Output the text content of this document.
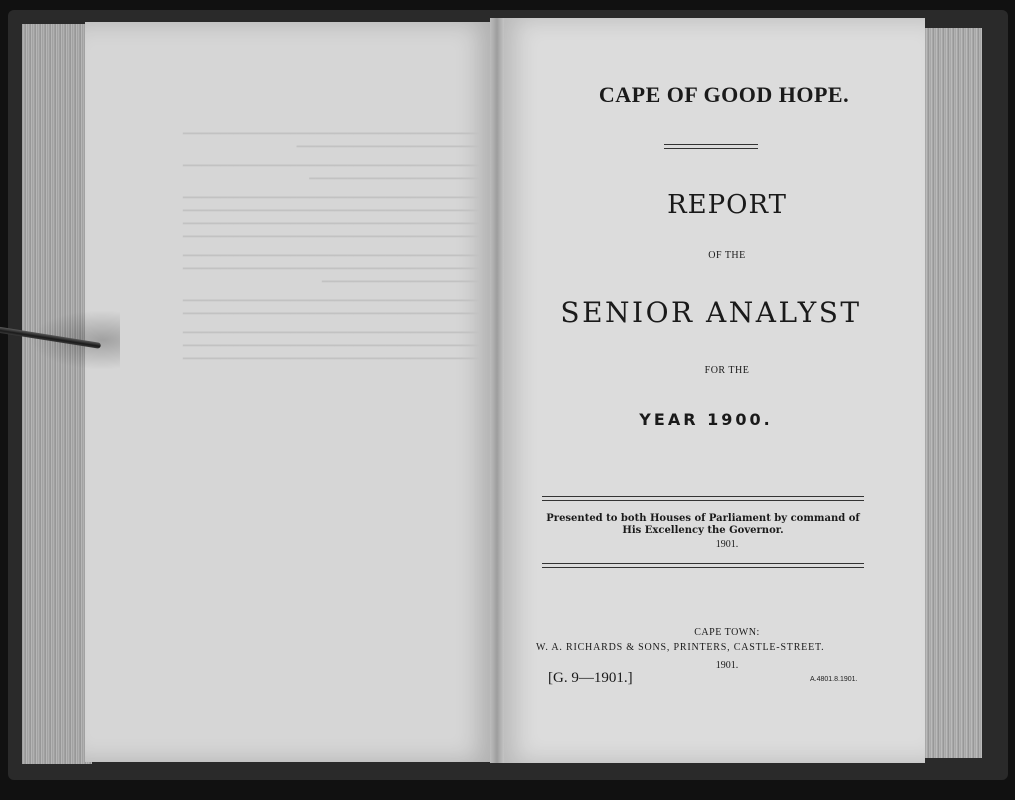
━━━━━━━━━━━━━━━━━━━━━━━━━━━━━━━━━━━━━━━━━━━━━━━
━━━━━━━━━━━━━━━━━━━━━━━━━━━━━
━━━━━━━━━━━━━━━━━━━━━━━━━━━━━━━━━━━━━━━━━━━━━━━
━━━━━━━━━━━━━━━━━━━━━━━━━━━
━━━━━━━━━━━━━━━━━━━━━━━━━━━━━━━━━━━━━━━━━━━━━━━
━━━━━━━━━━━━━━━━━━━━━━━━━━━━━━━━━━━━━━━━━━━━━━━
━━━━━━━━━━━━━━━━━━━━━━━━━━━━━━━━━━━━━━━━━━━━━━━
━━━━━━━━━━━━━━━━━━━━━━━━━━━━━━━━━━━━━━━━━━━━━━━
━━━━━━━━━━━━━━━━━━━━━━━━━━━━━━━━━━━━━━━━━━━━━━━
━━━━━━━━━━━━━━━━━━━━━━━━━━━━━━━━━━━━━━━━━━━━━━━
━━━━━━━━━━━━━━━━━━━━━━━━━
━━━━━━━━━━━━━━━━━━━━━━━━━━━━━━━━━━━━━━━━━━━━━━━
━━━━━━━━━━━━━━━━━━━━━━━━━━━━━━━━━━━━━━━━━━━━━━━
━━━━━━━━━━━━━━━━━━━━━━━━━━━━━━━━━━━━━━━━━━━━━━━
━━━━━━━━━━━━━━━━━━━━━━━━━━━━━━━━━━━━━━━━━━━━━━━
━━━━━━━━━━━━━━━━━━━━━━━━━━━━━━━━━━━━━━━━━━━━━━━
CAPE OF GOOD HOPE.
REPORT
OF THE
SENIOR ANALYST
FOR THE
YEAR 1900.
Presented to both Houses of Parliament by command of His Excellency the Governor.
1901.
CAPE TOWN:
W. A. RICHARDS & SONS, PRINTERS, CASTLE-STREET.
1901.
[G. 9—1901.]	A.4801.8.1901.
